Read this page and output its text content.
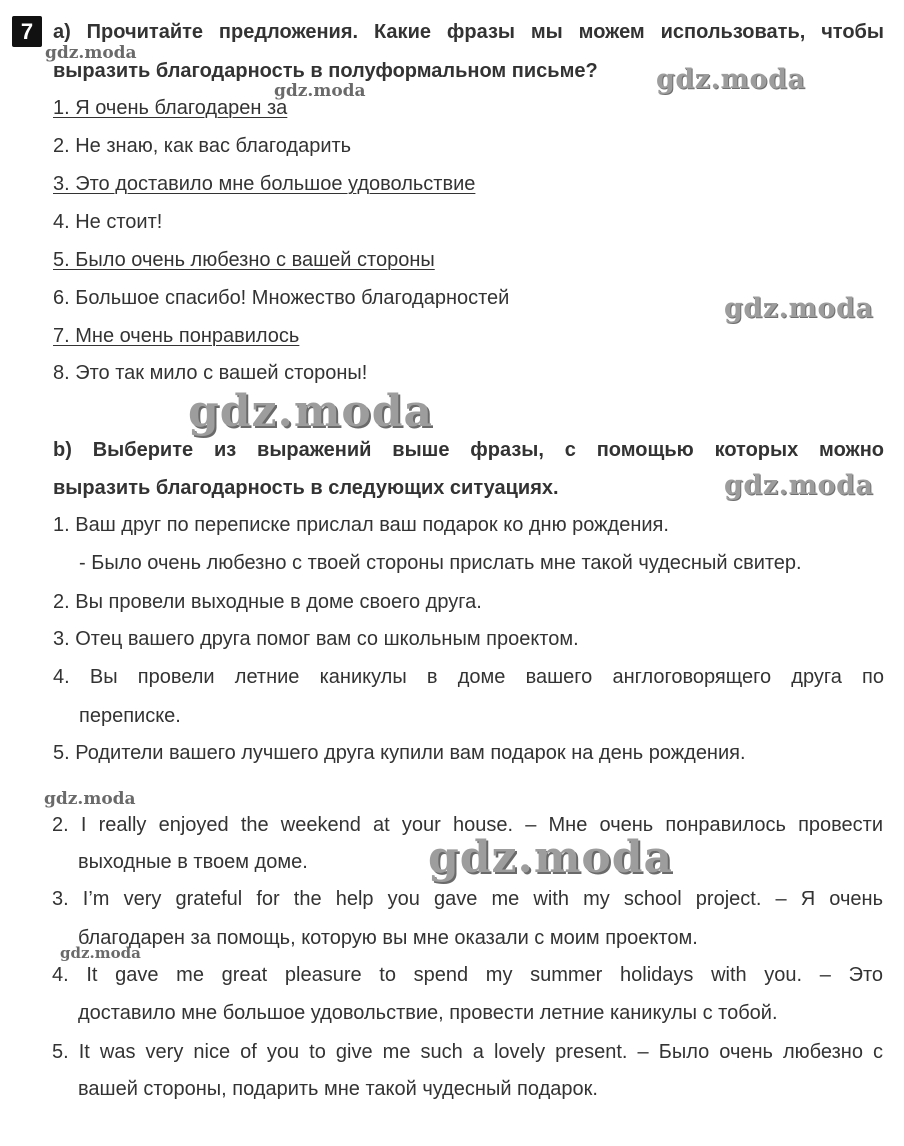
7 a) Прочитайте предложения. Какие фразы мы можем использовать, чтобы
выразить благодарность в полуформальном письме?
1. Я очень благодарен за
2. Не знаю, как вас благодарить
3. Это доставило мне большое удовольствие
4. Не стоит!
5. Было очень любезно с вашей стороны
6. Большое спасибо! Множество благодарностей
7. Мне очень понравилось
8. Это так мило с вашей стороны!
b) Выберите из выражений выше фразы, с помощью которых можно
выразить благодарность в следующих ситуациях.
1. Ваш друг по переписке прислал ваш подарок ко дню рождения.
- Было очень любезно с твоей стороны прислать мне такой чудесный свитер.
2. Вы провели выходные в доме своего друга.
3. Отец вашего друга помог вам со школьным проектом.
4. Вы провели летние каникулы в доме вашего англоговорящего друга по
переписке.
5. Родители вашего лучшего друга купили вам подарок на день рождения.
2. I really enjoyed the weekend at your house. – Мне очень понравилось провести
выходные в твоем доме.
3. I’m very grateful for the help you gave me with my school project. – Я очень
благодарен за помощь, которую вы мне оказали с моим проектом.
4. It gave me great pleasure to spend my summer holidays with you. – Это
доставило мне большое удовольствие, провести летние каникулы с тобой.
5. It was very nice of you to give me such a lovely present. – Было очень любезно с
вашей стороны, подарить мне такой чудесный подарок.
gdz.moda
gdz.moda	gdz.moda
gdz.moda
gdz.moda
gdz.moda
gdz.moda
gdz.moda
gdz.moda
